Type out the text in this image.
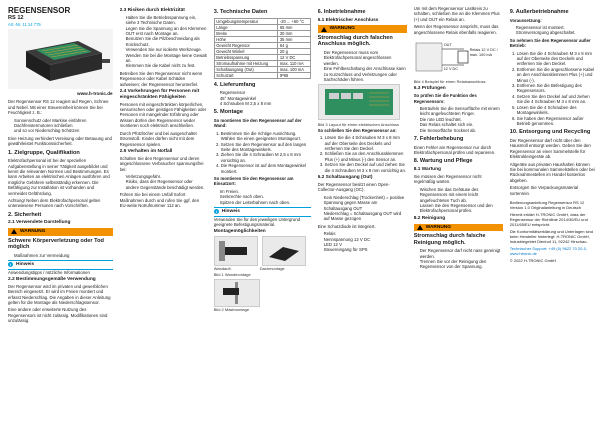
REGENSENSOR
RS 12
Art.-Nr. 11 14 775
www.h-tronic.de

Der Regensensor RS 12 reagiert auf Regen, Schnee und Nebel. Mit einer Steuereinheit können Sie bei Feuchtigkeit z. B.:

• Sonnenschutz oder Markise einfahren
• Dachfenstermotoren schließen
• und so vor Niederschlag Schützen

Eine Heizung verhindert Vereisung oder Betauung und gewährleistet Funktionssicherheit.

1. Zielgruppe, Qualifikation

Elektrofachpersonal ist bei der speziellen Aufgabenstellung in seiner Tätigkeit ausgebildet und kennt die relevanten Normen und Bestimmungen. Es kann Arbeiten an elektrischen Anlagen ausführen und mögliche Gefahren selbstständig erkennen. Die Befähigung zur Installation ist vorhanden und vermeidet Gefährdung.

Achtung! Neben dem Elektrofachpersonal gelten unterwiesene Personen nach Vorschriften.

2. Sicherheit
2.1 Verwendete Darstellung
WARNUNG
Schwere Körperverletzung oder Tod möglich
• Maßnahmen zur Vermeidung
i	Hinweis

Anwendungstipps / nützliche Informationen

2.2 Bestimmungsgemäße Verwendung

Der Regensensor wird im privaten und gewerblichen Bereich eingesetzt. Er wird im Freien montiert und erfasst Niederschlag. Die Angaben in dieser Anleitung gelten für die Montage als Niederschlagssensor.

Eine andere oder erweiterte Nutzung des Regensensors ist nicht zulässig. Modifikationen sind unzulässig.

2.3 Risiken durch Elektrizität
• Halten Sie die Betriebsspannung ein, siehe 3 Technische Daten.
• Legen Sie die Spannung an den Klemmen OUT erst nach Montage an.
• Benutzen Sie die Pilzbeschneidung als Knickschutz.
• Verwenden Sie nur isolierte Werkzeuge.
• Wenden Sie bei die Montage keine Gewalt an.
• Klemmen Sie die Kabel nicht zu fest.

Betreiben Sie den Regensensor nicht wenn Regensensor oder Kabel Schäden aufweisen; der Regensensor herunterfiel.

2.4 Vorkehrungen für Personen mit eingeschränkten Fähigkeiten

Personen mit eingeschränkten körperlichen, sensorischen oder geistigen Fähigkeiten oder Personen mit mangelnder Erfahrung oder Wissen dürfen den Regensensor weder montieren noch elektrisch anschließen.

Durch Pfützlöcher und bei ausgeschaltet Stromstoß: Kinder dürfen nicht mit dem Regensensor spielen.

2.5 Verhalten im Notfall

Schalten Sie den Regensensor und deren angeschlossene Verbraucher spannungsfrei bei:

• Verletzungsgefahr.
• Risiko, dass der Regensensor oder andere Gegenstände beschädigt werden.

Führen Sie bei einem Unfall Sofort Maßnahmen durch und rufen Sie ggf. den EU-weite Notrufnummer 112 an.

3. Technische Daten
Umgebungstemperatur	-20 ... +60 °C
Länge	65 mm
Breite	30 mm
Höhe	35 mm
Gewicht Regensor	64 g
Gewicht Winkel	20 g
Betriebsspannung	12 V DC
Stromaufnahme mit Heizung	max. 110 mA
Schaltausgang (Out)	max. 100 mA
Schutzart	IP65
4. Lieferumfang
• Regensensor
• 45° Montagewinkel
• 4 Schrauben M 2,5 x 8 mm
5. Montage

So montieren Sie den Regensensor auf der Wand:

1. Bestimmen Sie die richtige Ausrichtung. Wählen Sie einen geeigneten Montageort.
2. Setzen Sie den Regensensor auf den langen Seite des Montagewinkels.
3. Ziehen Sie die 4 Schrauben M 2,5 x 8 mm vorsichtig an.
4. Die Regensensor ist auf dem Montagewinkel montiert.

So montieren Sie den Regensensor am Einsatzort:

• Im Freien.
• Senkrechte nach oben.
• Spitzen der Leiterbahnen nach oben.
i	Hinweis

Verwenden Sie für den jeweiligen Untergrund geeignete Befestigungsmaterial.

Montagemöglichkeiten
Wandaufl.	Dachmontage
Bild 1 Wandmontage
Bild 2 Mastmontage
6. Inbetriebnahme
6.1 Elektrischer Anschluss
WARNUNG
Stromschlag durch falschen Anschluss möglich.
• Der Regensensor muss vom Elektrofachpersonal angeschlossen werden.
• Eine Fehlbeschaltung der Anschlüsse kann zu Kurzschluss und Verletzungen oder Sachschäden führen.
Bild 3 Layout für einen elektrischen Anschluss

So schließen Sie den Regensensor an:

1. Lösen Sie die 4 Schrauben M 3 x 8 mm auf der Oberseite des Deckels und entfernen Sie den Deckel.
2. Schließen Sie an den Anschlussklemmen Plus (+) und Minus (-) den Sensor an.
3. Setzen Sie den Deckel auf und ziehen Sie die 4 Schrauben M 3 x 8 mm vorsichtig an.
6.2 Schaltausgang (Out)

Der Regensensor besitzt einen Open-Collector-Ausgang (OC).

• Kein Niederschlag (Trockenheit) = positive Spannung gegen Masse am Schaltausgang OUT
• Niederschlag = Schaltausgang OUT wird auf Masse gezogen

Eine Schutzdiode ist integriert.

• Relais
• Nennspannung 12 V DC
• LED 12 V
• Steuereingang für SPS

Um mit dem Regensensor Lastkreis zu schalten, schließen Sie an die Klemmen Plus (+) und OUT ein Relais an.

Wenn der Regensensor anspricht, muss das angeschlossene Relais ebenfalls reagieren.

Relais 12 V DC / max. 100 mA
OUT
12 V DC
Bild 4 Beispiel für einen Relaisanschluss
6.3 Prüfungen

So prüfen Sie die Funktion des Regensensors:

• Beträufeln Sie die Sensorfläche mit einem leicht angefeuchteten Finger.
• Die rote LED leuchtet.
• Das Relais schaltet sich ein.
• Die Sensorfläche trocknet ab.
7. Fehlerbehebung

Einen Fehler am Regensensor nur durch Elektrofachpersonal prüfen und reparieren.

8. Wartung und Pflege
8.1 Wartung

Sie müssen den Regensensor nicht regelmäßig warten.

• Wischen Sie das Gehäuse des Regensensors mit einem leicht angefeuchteten Tuch ab.
• Lassen Sie den Regensensor und den Elektrofachpersonal prüfen.
8.2 Reinigung
WARNUNG
Stromschlag durch falsche Reinigung möglich.
• Der Regensensor darf nicht nass gereinigt werden.
• Trennen Sie vor der Reinigung den Regensensor von der Spannung.
9. Außerbetriebnahme

Voraussetzung:

• Regensensor ist montiert.
• Stromversorgung abgeschaltet.

So nehmen Sie den Regensensor außer Betrieb:

1. Lösen Sie die 4 Schrauben M 3 x 8 mm auf der Oberseite des Deckels und entfernen Sie den Deckel.
2. Entfernen Sie die angeschlossene Kabel an den Anschlussklemmen Plus (+) und Minus (-).
3. Entfernen Sie die Befestigung des Regensensors.
4. Setzen Sie den Deckel auf und ziehen Sie die 4 Schrauben M 3 x 8 mm an.
5. Lösen Sie die 4 Schrauben des Montagewinkels.
6. Sie haben den Regensensor außer Betrieb genommen.
10. Entsorgung und Recycling

Der Regensensor darf nicht über den Hausmüll entsorgt werden. Geben Sie den Regensensor an einer Sammelstelle für Elektrokleingeräte ab.

Altgeräte aus privaten Haushalten können Sie bei kommunalen Sammelstellen oder bei Rücknahmestellen im Handel kostenlos abgeben.

Entsorgen Sie Verpackungsmaterial sortenrein.

Bedienungsanleitung Regensensor RS 12 Version 1.0 Originalanleitung in Deutsch

Hiermit erklärt H-TRONIC GmbH, dass der Regensensor der Richtlinie 2014/30/EU und 2011/65/EU entspricht.

Die Konformitätserklärung und Unterlagen sind beim Hersteller hinterlegt: H-TRONIC GmbH, Industriegebiet Dienhof 11, 92242 Hirschau.

Technischer Support: +49 (0) 9622 70 20-0, www.htronic.de

© 2022 H-TRONIC GmbH
